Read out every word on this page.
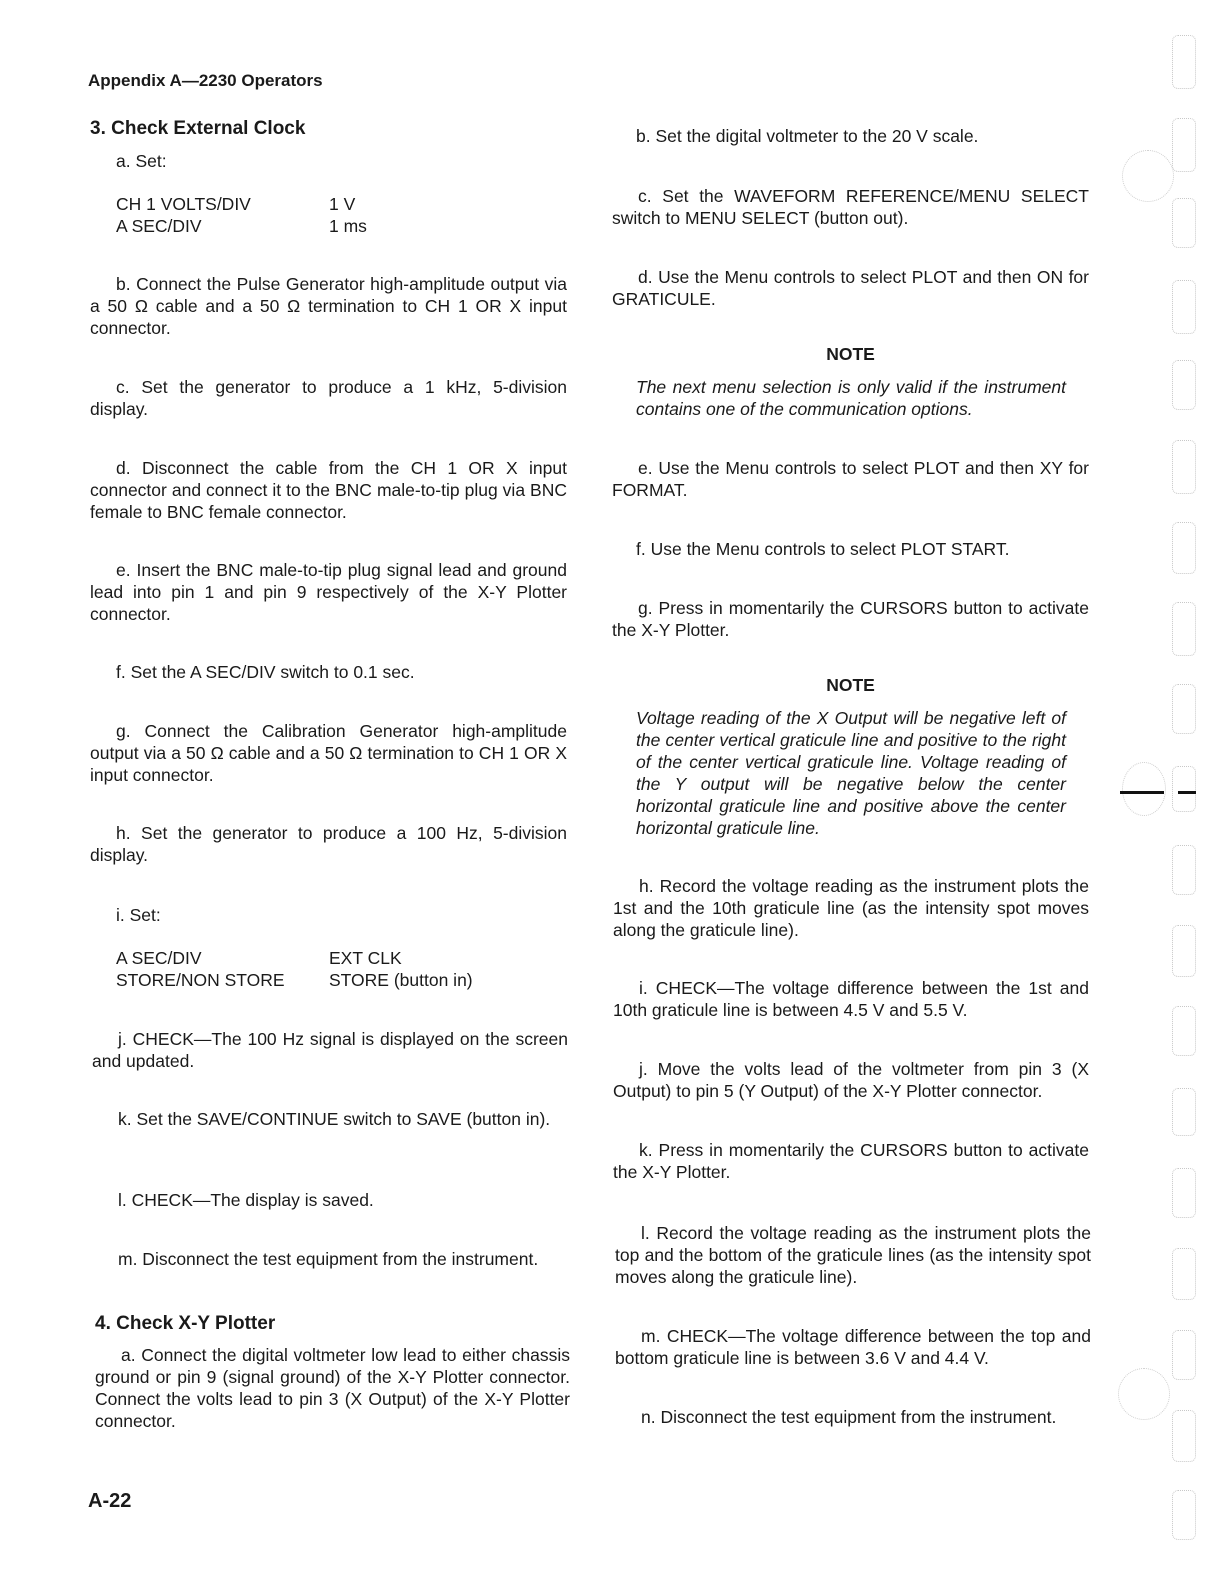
Appendix A—2230 Operators
3. Check External Clock
a. Set:
CH 1 VOLTS/DIV	1 V
A SEC/DIV	1 ms
b. Connect the Pulse Generator high-amplitude output via a 50 Ω cable and a 50 Ω termination to CH 1 OR X input connector.
c. Set the generator to produce a 1 kHz, 5-division display.
d. Disconnect the cable from the CH 1 OR X input connector and connect it to the BNC male-to-tip plug via BNC female to BNC female connector.
e. Insert the BNC male-to-tip plug signal lead and ground lead into pin 1 and pin 9 respectively of the X-Y Plotter connector.
f. Set the A SEC/DIV switch to 0.1 sec.
g. Connect the Calibration Generator high-amplitude output via a 50 Ω cable and a 50 Ω termination to CH 1 OR X input connector.
h. Set the generator to produce a 100 Hz, 5-division display.
i. Set:
A SEC/DIV	EXT CLK
STORE/NON STORE	STORE (button in)
j. CHECK—The 100 Hz signal is displayed on the screen and updated.
k. Set the SAVE/CONTINUE switch to SAVE (button in).
l. CHECK—The display is saved.
m. Disconnect the test equipment from the instrument.
4. Check X-Y Plotter
a. Connect the digital voltmeter low lead to either chassis ground or pin 9 (signal ground) of the X-Y Plotter connector. Connect the volts lead to pin 3 (X Output) of the X-Y Plotter connector.
b. Set the digital voltmeter to the 20 V scale.
c. Set the WAVEFORM REFERENCE/MENU SELECT switch to MENU SELECT (button out).
d. Use the Menu controls to select PLOT and then ON for GRATICULE.
NOTE
The next menu selection is only valid if the instrument contains one of the communication options.
e. Use the Menu controls to select PLOT and then XY for FORMAT.
f. Use the Menu controls to select PLOT START.
g. Press in momentarily the CURSORS button to activate the X-Y Plotter.
NOTE
Voltage reading of the X Output will be negative left of the center vertical graticule line and positive to the right of the center vertical graticule line. Voltage reading of the Y output will be negative below the center horizontal graticule line and positive above the center horizontal graticule line.
h. Record the voltage reading as the instrument plots the 1st and the 10th graticule line (as the intensity spot moves along the graticule line).
i. CHECK—The voltage difference between the 1st and 10th graticule line is between 4.5 V and 5.5 V.
j. Move the volts lead of the voltmeter from pin 3 (X Output) to pin 5 (Y Output) of the X-Y Plotter connector.
k. Press in momentarily the CURSORS button to activate the X-Y Plotter.
l. Record the voltage reading as the instrument plots the top and the bottom of the graticule lines (as the intensity spot moves along the graticule line).
m. CHECK—The voltage difference between the top and bottom graticule line is between 3.6 V and 4.4 V.
n. Disconnect the test equipment from the instrument.
A-22
